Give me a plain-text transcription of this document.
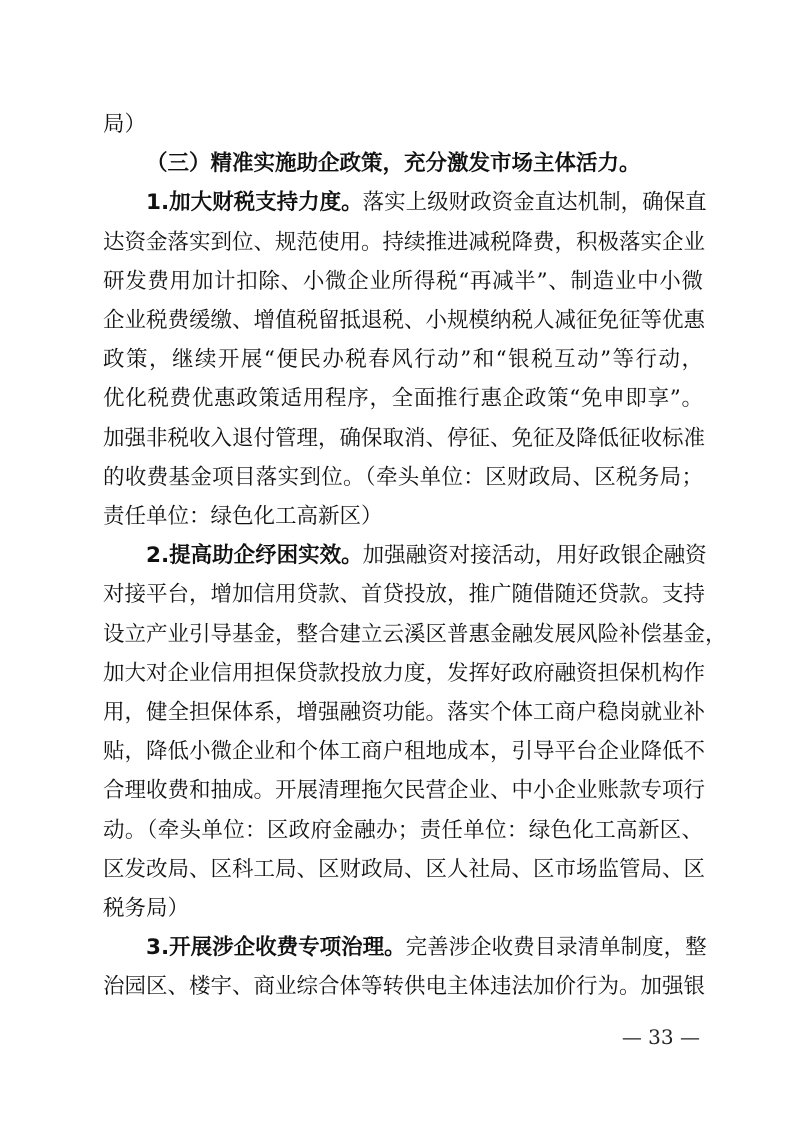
局）
（三）精准实施助企政策，充分激发市场主体活力。
1.加大财税支持力度。落实上级财政资金直达机制，确保直
达资金落实到位、规范使用。持续推进减税降费，积极落实企业
研发费用加计扣除、小微企业所得税“再减半”、制造业中小微
企业税费缓缴、增值税留抵退税、小规模纳税人减征免征等优惠
政策，继续开展“便民办税春风行动”和“银税互动”等行动，
优化税费优惠政策适用程序，全面推行惠企政策“免申即享”。
加强非税收入退付管理，确保取消、停征、免征及降低征收标准
的收费基金项目落实到位。（牵头单位：区财政局、区税务局；
责任单位：绿色化工高新区）
2.提高助企纾困实效。加强融资对接活动，用好政银企融资
对接平台，增加信用贷款、首贷投放，推广随借随还贷款。支持
设立产业引导基金，整合建立云溪区普惠金融发展风险补偿基金，
加大对企业信用担保贷款投放力度，发挥好政府融资担保机构作
用，健全担保体系，增强融资功能。落实个体工商户稳岗就业补
贴，降低小微企业和个体工商户租地成本，引导平台企业降低不
合理收费和抽成。开展清理拖欠民营企业、中小企业账款专项行
动。（牵头单位：区政府金融办；责任单位：绿色化工高新区、
区发改局、区科工局、区财政局、区人社局、区市场监管局、区
税务局）
3.开展涉企收费专项治理。完善涉企收费目录清单制度，整
治园区、楼宇、商业综合体等转供电主体违法加价行为。加强银
— 33 —
